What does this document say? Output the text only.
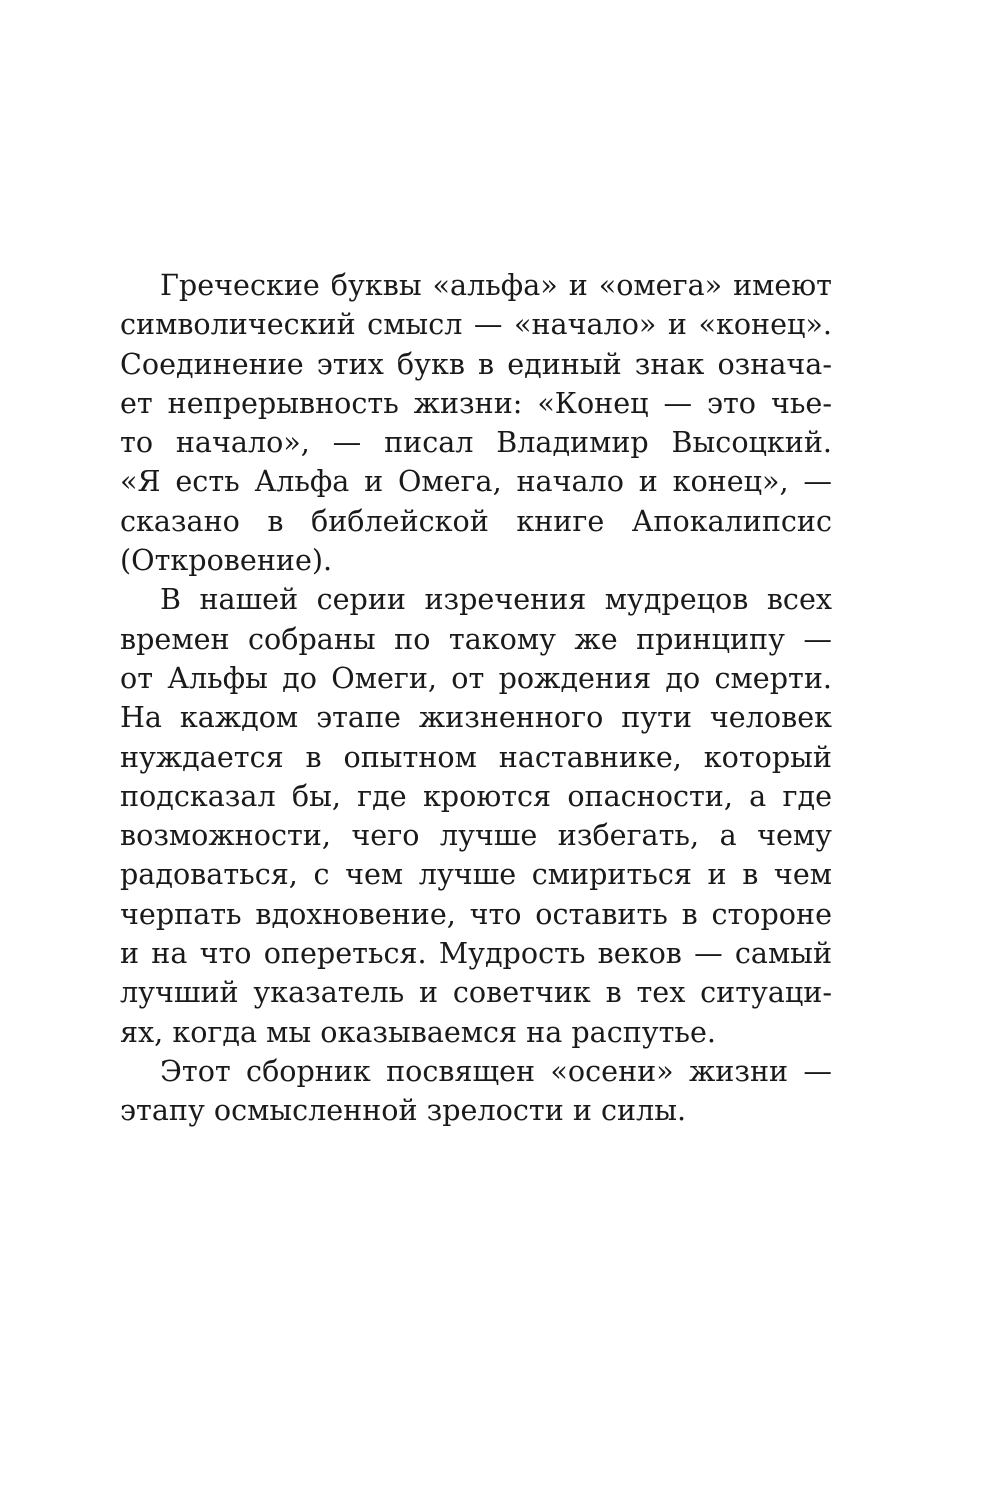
Греческие буквы «альфа» и «омега» имеют
символический смысл — «начало» и «конец».
Соединение этих букв в единый знак означа-
ет непрерывность жизни: «Конец — это чье-
то начало», — писал Владимир Высоцкий.
«Я есть Альфа и Омега, начало и конец», —
сказано в библейской книге Апокалипсис
(Откровение).
В нашей серии изречения мудрецов всех
времен собраны по такому же принципу —
от Альфы до Омеги, от рождения до смерти.
На каждом этапе жизненного пути человек
нуждается в опытном наставнике, который
подсказал бы, где кроются опасности, а где
возможности, чего лучше избегать, а чему
радоваться, с чем лучше смириться и в чем
черпать вдохновение, что оставить в стороне
и на что опереться. Мудрость веков — самый
лучший указатель и советчик в тех ситуаци-
ях, когда мы оказываемся на распутье.
Этот сборник посвящен «осени» жизни —
этапу осмысленной зрелости и силы.
